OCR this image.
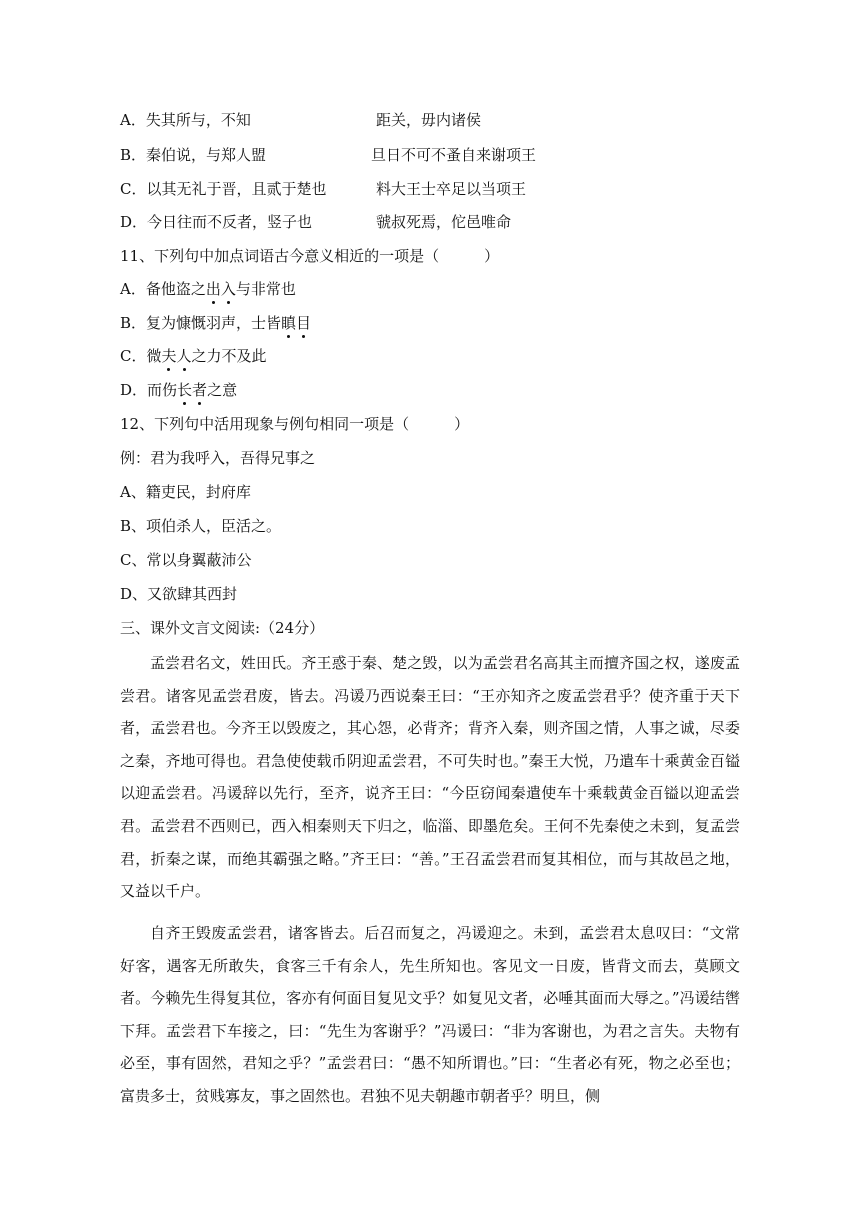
A．失其所与，不知	距关，毋内诸侯
B．秦伯说，与郑人盟	旦日不可不蚤自来谢项王
C．以其无礼于晋，且贰于楚也	料大王士卒足以当项王
D．今日往而不反者，竖子也	虢叔死焉，佗邑唯命
11、下列句中加点词语古今意义相近的一项是（　　　）
A．备他盗之出入与非常也
B．复为慷慨羽声，士皆瞋目
C．微夫人之力不及此
D．而伤长者之意
12、下列句中活用现象与例句相同一项是（　　　）
例：君为我呼入，吾得兄事之
A、籍吏民，封府库
B、项伯杀人，臣活之。
C、常以身翼蔽沛公
D、又欲肆其西封
三、课外文言文阅读:（24分）

孟尝君名文，姓田氏。齐王惑于秦、楚之毁，以为孟尝君名高其主而擅齐国之权，遂废孟尝君。诸客见孟尝君废，皆去。冯谖乃西说秦王曰：“王亦知齐之废孟尝君乎？使齐重于天下者，孟尝君也。今齐王以毁废之，其心怨，必背齐；背齐入秦，则齐国之情，人事之诚，尽委之秦，齐地可得也。君急使使载币阴迎孟尝君，不可失时也。”秦王大悦，乃遣车十乘黄金百镒以迎孟尝君。冯谖辞以先行，至齐，说齐王曰：“今臣窃闻秦遣使车十乘载黄金百镒以迎孟尝君。孟尝君不西则已，西入相秦则天下归之，临淄、即墨危矣。王何不先秦使之未到，复孟尝君，折秦之谋，而绝其霸强之略。”齐王曰：“善。”王召孟尝君而复其相位，而与其故邑之地，又益以千户。

自齐王毁废孟尝君，诸客皆去。后召而复之，冯谖迎之。未到，孟尝君太息叹曰：“文常好客，遇客无所敢失，食客三千有余人，先生所知也。客见文一日废，皆背文而去，莫顾文者。今赖先生得复其位，客亦有何面目复见文乎？如复见文者，必唾其面而大辱之。”冯谖结辔下拜。孟尝君下车接之，曰：“先生为客谢乎？”冯谖曰：“非为客谢也，为君之言失。夫物有必至，事有固然，君知之乎？”孟尝君曰：“愚不知所谓也。”曰：“生者必有死，物之必至也；富贵多士，贫贱寡友，事之固然也。君独不见夫朝趣市朝者乎？明旦，侧
